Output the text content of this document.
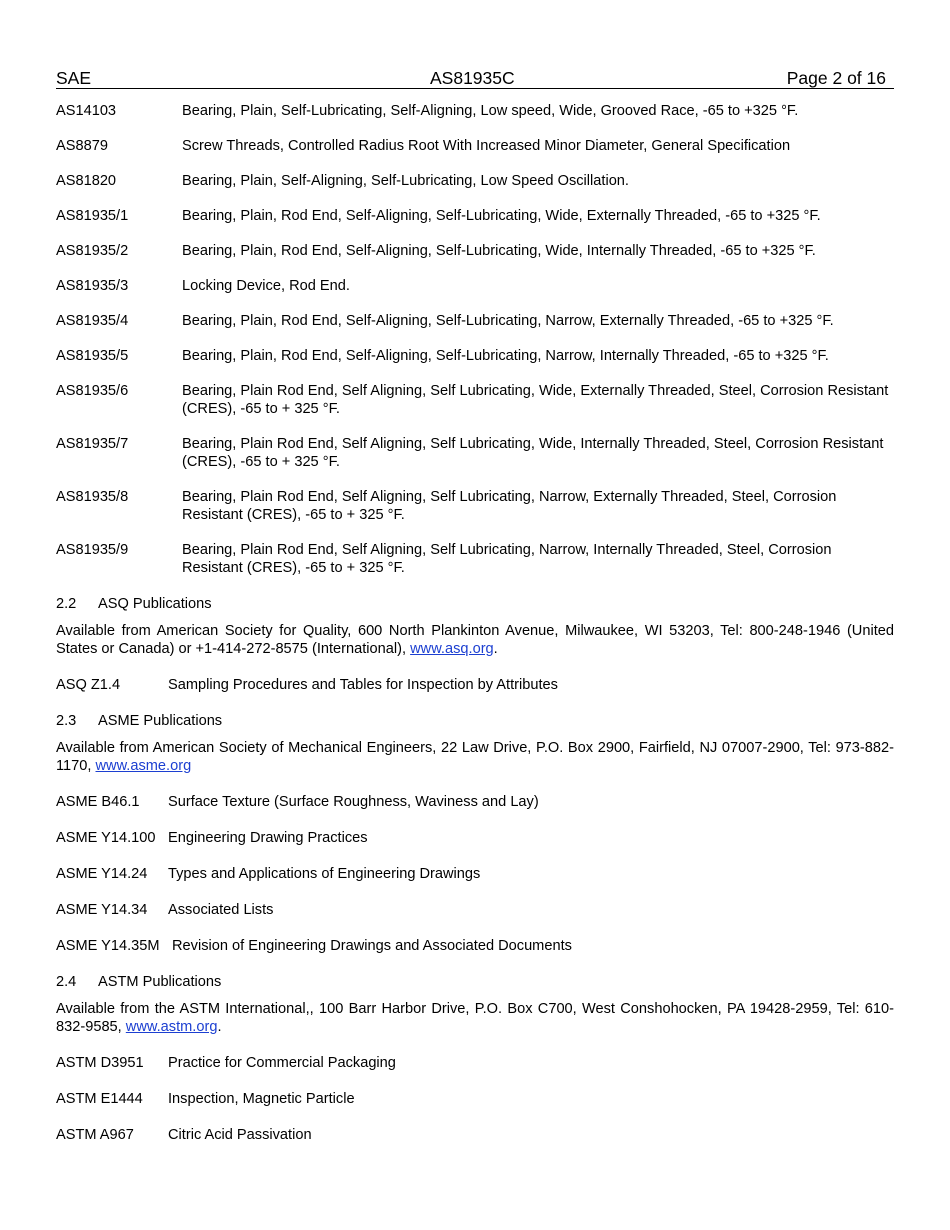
SAE	AS81935C	Page 2 of 16
AS14103	Bearing, Plain, Self-Lubricating, Self-Aligning, Low speed, Wide, Grooved Race, -65 to +325 °F.
AS8879	Screw Threads, Controlled Radius Root With Increased Minor Diameter, General Specification
AS81820	Bearing, Plain, Self-Aligning, Self-Lubricating, Low Speed Oscillation.
AS81935/1	Bearing, Plain, Rod End, Self-Aligning, Self-Lubricating, Wide, Externally Threaded, -65 to +325 °F.
AS81935/2	Bearing, Plain, Rod End, Self-Aligning, Self-Lubricating, Wide, Internally Threaded, -65 to +325 °F.
AS81935/3	Locking Device, Rod End.
AS81935/4	Bearing, Plain, Rod End, Self-Aligning, Self-Lubricating, Narrow, Externally Threaded, -65 to +325 °F.
AS81935/5	Bearing, Plain, Rod End, Self-Aligning, Self-Lubricating, Narrow, Internally Threaded, -65 to +325 °F.
AS81935/6	Bearing, Plain Rod End, Self Aligning, Self Lubricating, Wide, Externally Threaded, Steel, Corrosion Resistant (CRES), -65 to + 325 °F.
AS81935/7	Bearing, Plain Rod End, Self Aligning, Self Lubricating, Wide, Internally Threaded, Steel, Corrosion Resistant (CRES), -65 to + 325 °F.
AS81935/8	Bearing, Plain Rod End, Self Aligning, Self Lubricating, Narrow, Externally Threaded, Steel, Corrosion Resistant (CRES), -65 to + 325 °F.
AS81935/9	Bearing, Plain Rod End, Self Aligning, Self Lubricating, Narrow, Internally Threaded, Steel, Corrosion Resistant (CRES), -65 to + 325 °F.
2.2	ASQ Publications
Available from American Society for Quality, 600 North Plankinton Avenue, Milwaukee, WI 53203, Tel: 800-248-1946 (United States or Canada) or +1-414-272-8575 (International), www.asq.org.
ASQ Z1.4	Sampling Procedures and Tables for Inspection by Attributes
2.3	ASME Publications
Available from American Society of Mechanical Engineers, 22 Law Drive, P.O. Box 2900, Fairfield, NJ 07007-2900, Tel: 973-882-1170, www.asme.org
ASME B46.1	Surface Texture (Surface Roughness, Waviness and Lay)
ASME Y14.100 Engineering Drawing Practices
ASME Y14.24	Types and Applications of Engineering Drawings
ASME Y14.34	Associated Lists
ASME Y14.35M Revision of Engineering Drawings and Associated Documents
2.4	ASTM Publications
Available from the ASTM International,, 100 Barr Harbor Drive, P.O. Box C700, West Conshohocken, PA 19428-2959, Tel: 610-832-9585, www.astm.org.
ASTM D3951	Practice for Commercial Packaging
ASTM E1444	Inspection, Magnetic Particle
ASTM A967	Citric Acid Passivation
